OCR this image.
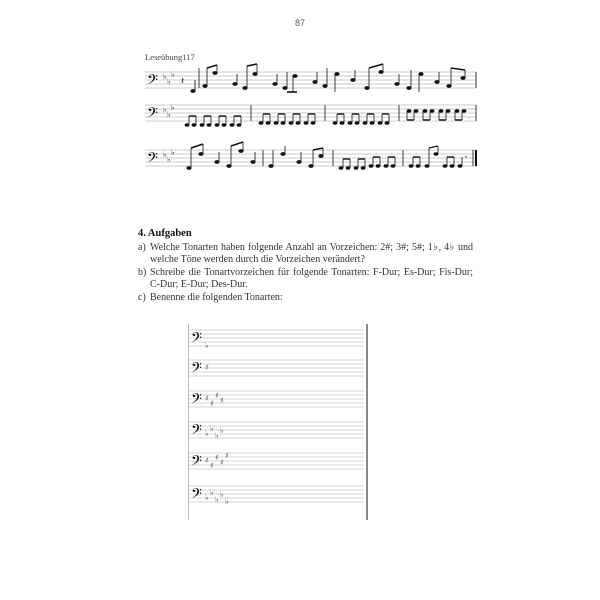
87
Leseübung117
𝄢 ♭
♭
♭
𝄽
𝄢 ♭
♭
♭
𝄢 ♭
♭
♭
𝄾
4. Aufgaben
a) Welche Tonarten haben folgende Anzahl an Vorzeichen: 2#; 3#; 5#; 1♭, 4♭ und welche Töne werden durch die Vorzeichen verändert?
b) Schreibe die Tonartvorzeichen für folgende Tonarten: F-Dur; Es-Dur; Fis-Dur; C-Dur; E-Dur; Des-Dur.
c) Benenne die folgenden Tonarten:
𝄢 ♭
𝄢 ♯
𝄢 ♯
♯
♯
♯
𝄢 ♭
♭
♭
♭
𝄢 ♯
♯
♯
♯
♯
𝄢 ♭
♭
♭
♭
♭
